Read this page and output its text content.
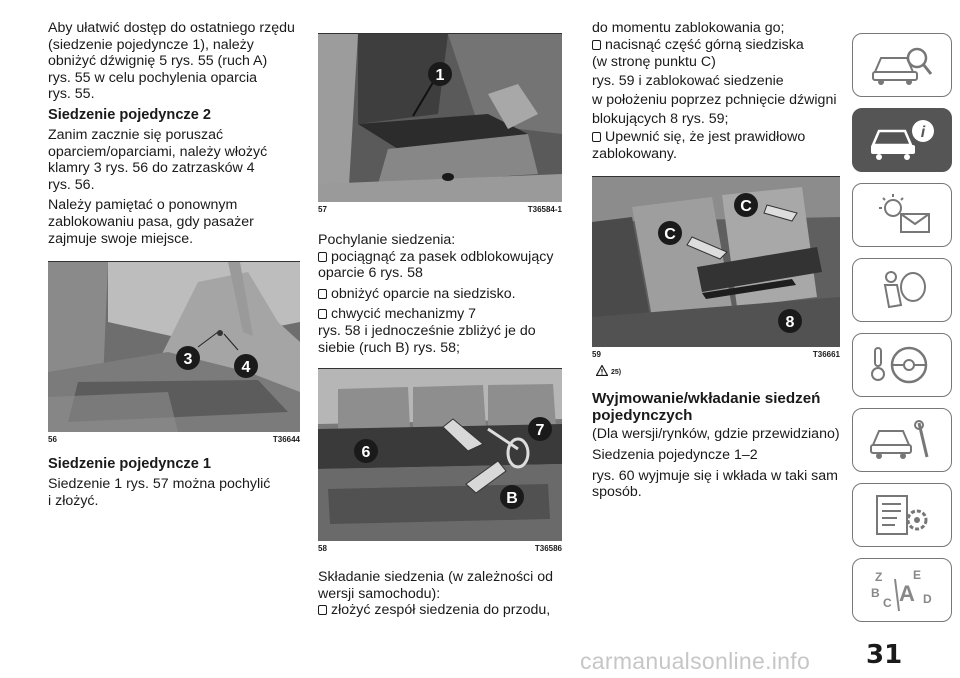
Aby ułatwić dostęp do ostatniego rzędu
(siedzenie pojedyncze 1), należy
obniżyć dźwignię 5 rys. 55 (ruch A)
rys. 55 w celu pochylenia oparcia
rys. 55.
Siedzenie pojedyncze 2
Zanim zacznie się poruszać
oparciem/oparciami, należy włożyć
klamry 3 rys. 56 do zatrzasków 4
rys. 56.
Należy pamiętać o ponownym
zablokowaniu pasa, gdy pasażer
zajmuje swoje miejsce.
3	4
56	T36644
Siedzenie pojedyncze 1
Siedzenie 1 rys. 57 można pochylić
i złożyć.
1
57	T36584-1
Pochylanie siedzenia:
pociągnąć za pasek odblokowujący
oparcie 6 rys. 58
obniżyć oparcie na siedzisko.
chwycić mechanizmy 7
rys. 58 i jednocześnie zbliżyć je do
siebie (ruch B) rys. 58;
6
7
B
58	T36586
Składanie siedzenia (w zależności od
wersji samochodu):
złożyć zespół siedzenia do przodu,
do momentu zablokowania go;
nacisnąć część górną siedziska
(w stronę punktu C)
rys. 59 i zablokować siedzenie
w położeniu poprzez pchnięcie dźwigni
blokujących 8 rys. 59;
Upewnić się, że jest prawidłowo
zablokowany.
C
C
8
59	T36661
25)
Wyjmowanie/wkładanie siedzeń pojedynczych
(Dla wersji/rynków, gdzie przewidziano)
Siedzenia pojedyncze 1–2
rys. 60 wyjmuje się i wkłada w taki sam
sposób.
i
Z	E
B
C	D
A
31
carmanualsonline.info
